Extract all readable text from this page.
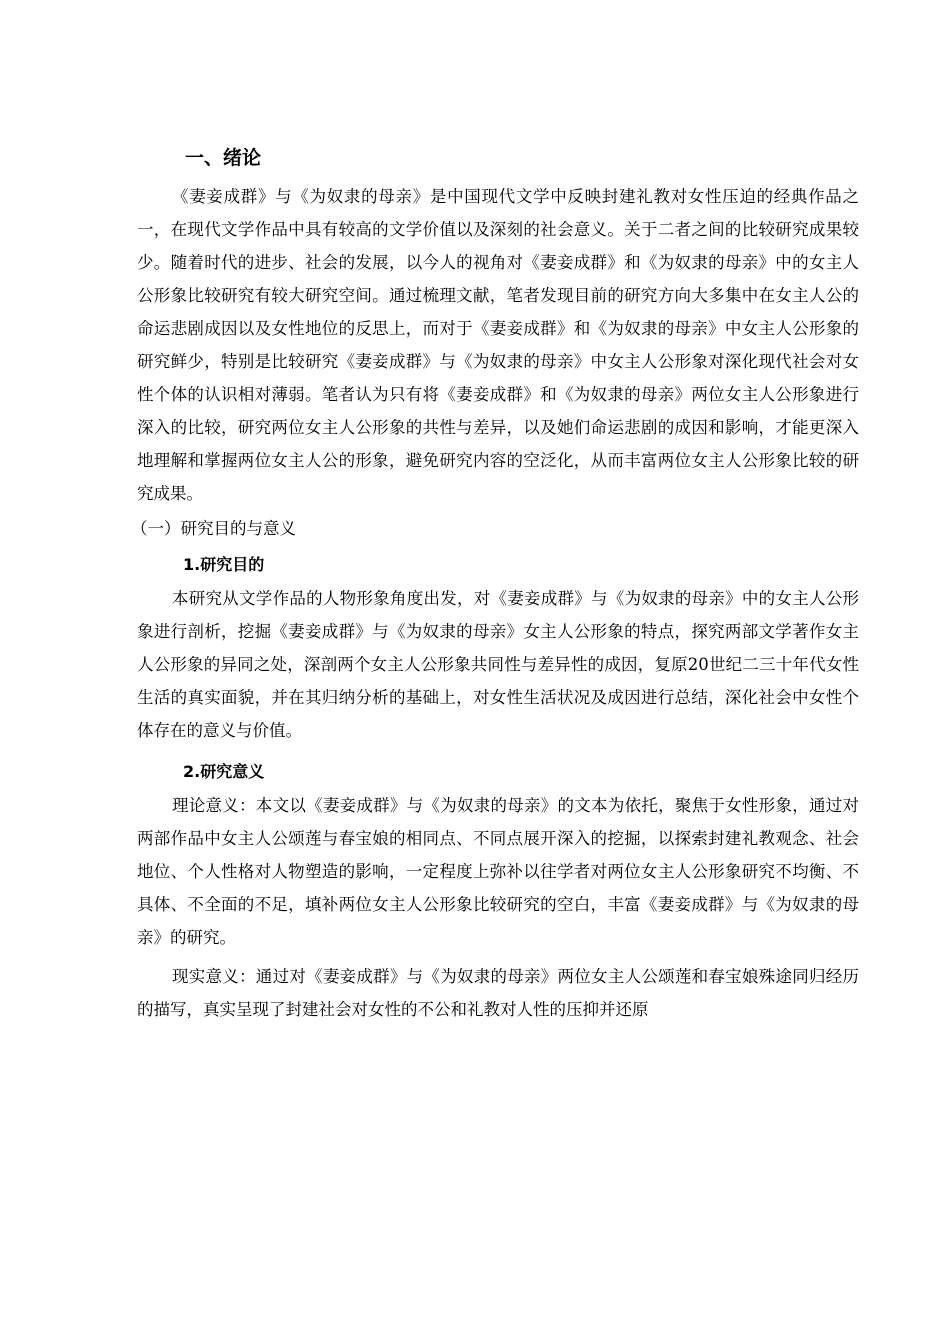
一、绪论

《妻妾成群》与《为奴隶的母亲》是中国现代文学中反映封建礼教对女性压迫的经典作品之一，在现代文学作品中具有较高的文学价值以及深刻的社会意义。关于二者之间的比较研究成果较少。随着时代的进步、社会的发展，以今人的视角对《妻妾成群》和《为奴隶的母亲》中的女主人公形象比较研究有较大研究空间。通过梳理文献，笔者发现目前的研究方向大多集中在女主人公的命运悲剧成因以及女性地位的反思上，而对于《妻妾成群》和《为奴隶的母亲》中女主人公形象的研究鲜少，特别是比较研究《妻妾成群》与《为奴隶的母亲》中女主人公形象对深化现代社会对女性个体的认识相对薄弱。笔者认为只有将《妻妾成群》和《为奴隶的母亲》两位女主人公形象进行深入的比较，研究两位女主人公形象的共性与差异，以及她们命运悲剧的成因和影响，才能更深入地理解和掌握两位女主人公的形象，避免研究内容的空泛化，从而丰富两位女主人公形象比较的研究成果。

（一）研究目的与意义
1.研究目的

本研究从文学作品的人物形象角度出发，对《妻妾成群》与《为奴隶的母亲》中的女主人公形象进行剖析，挖掘《妻妾成群》与《为奴隶的母亲》女主人公形象的特点，探究两部文学著作女主人公形象的异同之处，深剖两个女主人公形象共同性与差异性的成因，复原20世纪二三十年代女性生活的真实面貌，并在其归纳分析的基础上，对女性生活状况及成因进行总结，深化社会中女性个体存在的意义与价值。

2.研究意义

理论意义：本文以《妻妾成群》与《为奴隶的母亲》的文本为依托，聚焦于女性形象，通过对两部作品中女主人公颂莲与春宝娘的相同点、不同点展开深入的挖掘，以探索封建礼教观念、社会地位、个人性格对人物塑造的影响，一定程度上弥补以往学者对两位女主人公形象研究不均衡、不具体、不全面的不足，填补两位女主人公形象比较研究的空白，丰富《妻妾成群》与《为奴隶的母亲》的研究。

现实意义：通过对《妻妾成群》与《为奴隶的母亲》两位女主人公颂莲和春宝娘殊途同归经历的描写，真实呈现了封建社会对女性的不公和礼教对人性的压抑并还原
